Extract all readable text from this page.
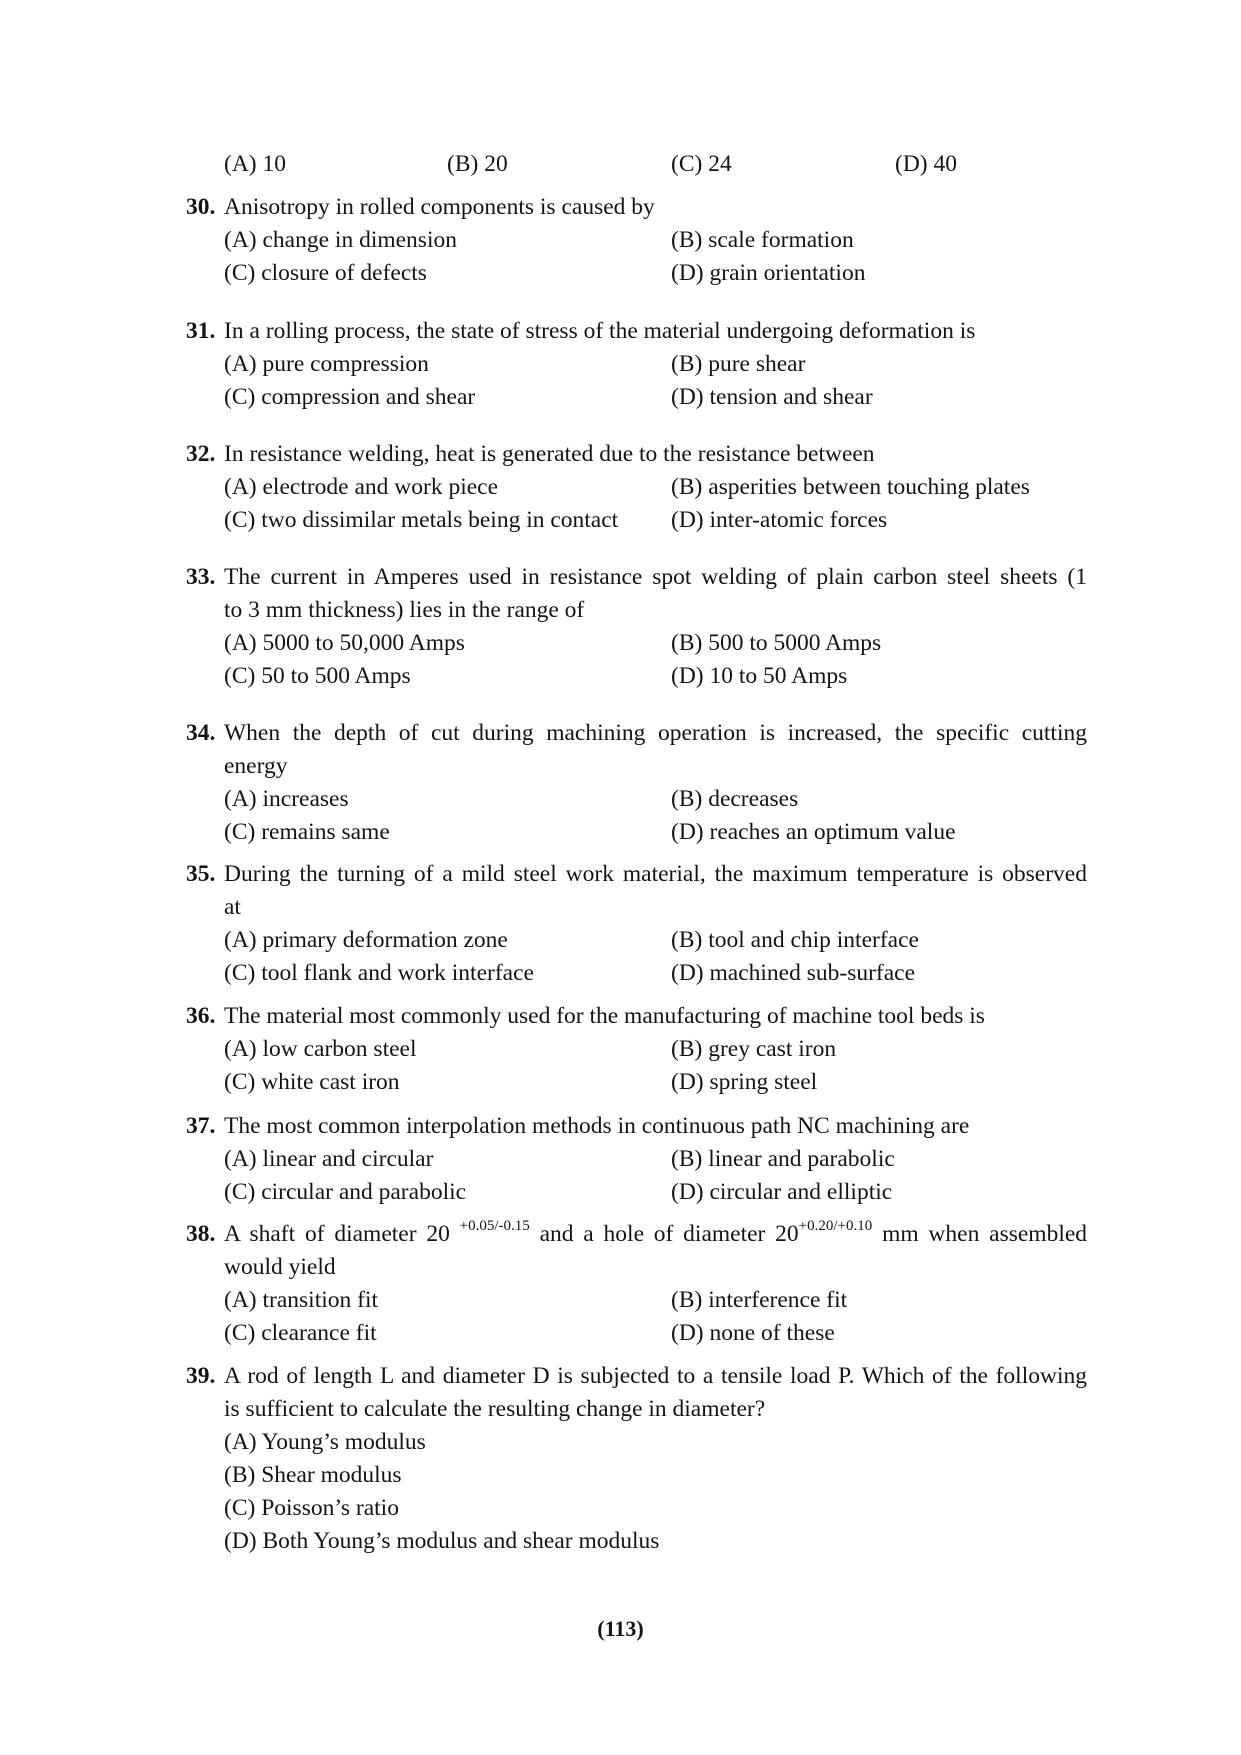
(A) 10	(B) 20	(C) 24	(D) 40
30. Anisotropy in rolled components is caused by
(A) change in dimension	(B) scale formation
(C) closure of defects	(D) grain orientation
31. In a rolling process, the state of stress of the material undergoing deformation is
(A) pure compression	(B) pure shear
(C) compression and shear	(D) tension and shear
32. In resistance welding, heat is generated due to the resistance between
(A) electrode and work piece	(B) asperities between touching plates
(C) two dissimilar metals being in contact (D) inter-atomic forces
33. The current in Amperes used in resistance spot welding of plain carbon steel sheets (1
to 3 mm thickness) lies in the range of
(A) 5000 to 50,000 Amps	(B) 500 to 5000 Amps
(C) 50 to 500 Amps	(D) 10 to 50 Amps
34. When the depth of cut during machining operation is increased, the specific cutting
energy
(A) increases	(B) decreases
(C) remains same	(D) reaches an optimum value
35. During the turning of a mild steel work material, the maximum temperature is observed
at
(A) primary deformation zone	(B) tool and chip interface
(C) tool flank and work interface	(D) machined sub-surface
36. The material most commonly used for the manufacturing of machine tool beds is
(A) low carbon steel	(B) grey cast iron
(C) white cast iron	(D) spring steel
37. The most common interpolation methods in continuous path NC machining are
(A) linear and circular	(B) linear and parabolic
(C) circular and parabolic	(D) circular and elliptic
38. A shaft of diameter 20 $^{+0.05/-0.15}$ and a hole of diameter $20^{+0.20/+0.10}$ mm when assembled
would yield
(A) transition fit	(B) interference fit
(C) clearance fit	(D) none of these
39. A rod of length L and diameter D is subjected to a tensile load P. Which of the following
is sufficient to calculate the resulting change in diameter?
(A) Young’s modulus
(B) Shear modulus
(C) Poisson’s ratio
(D) Both Young’s modulus and shear modulus
(113)
